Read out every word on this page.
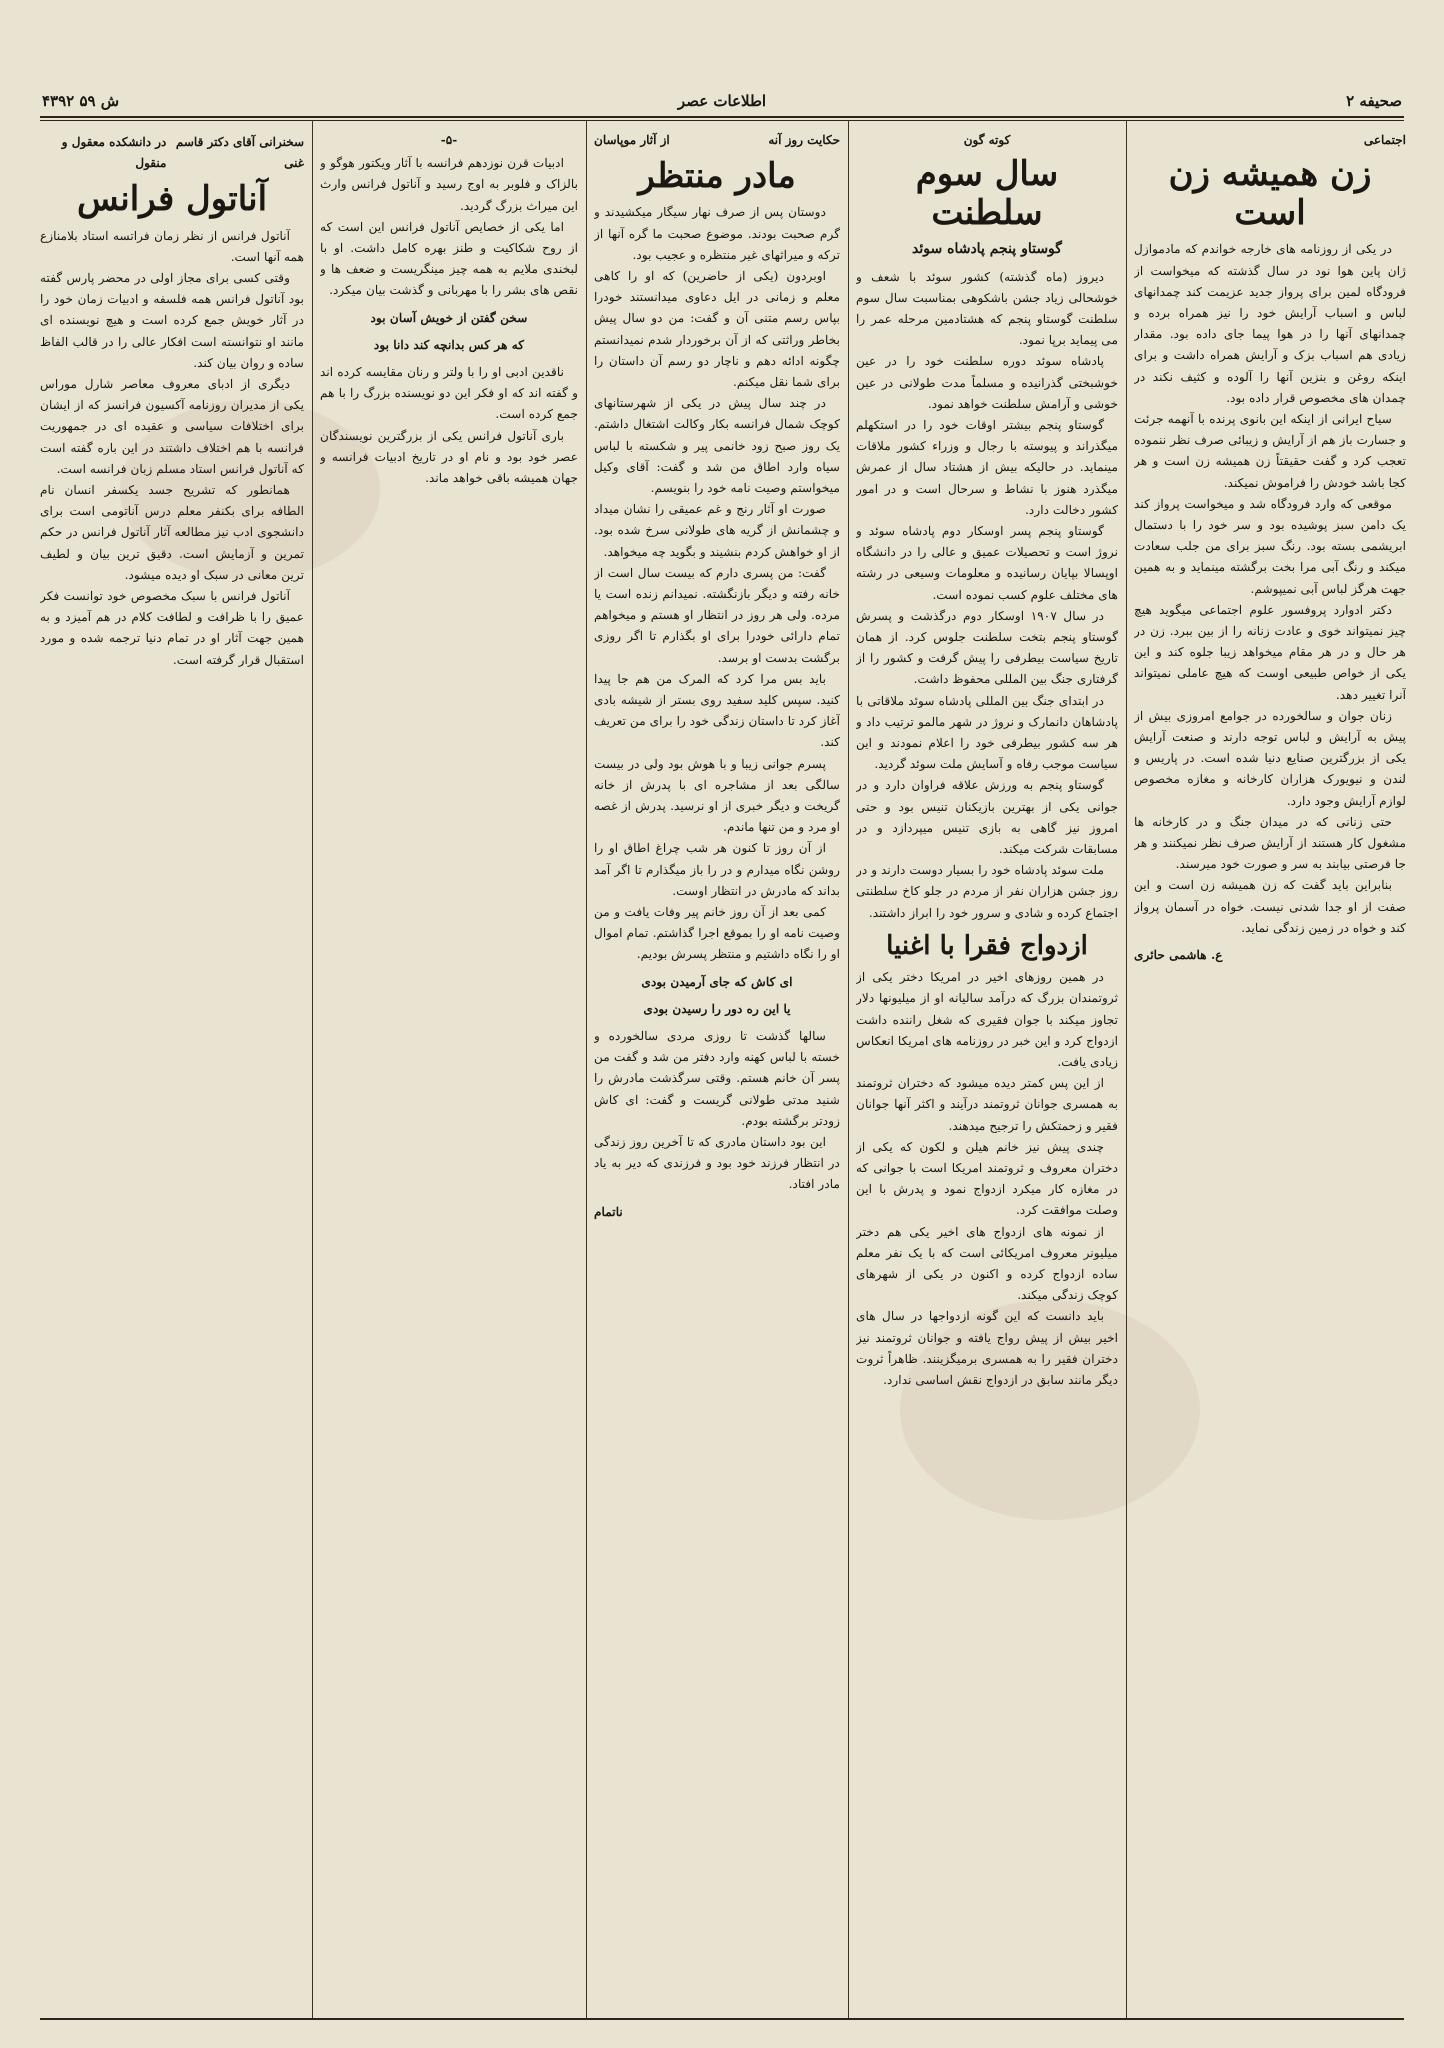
صحیفه ۲
اطلاعات عصر
۴۳۹۲ ش ۵۹
اجتماعی
زن همیشه زن است

در یکی از روزنامه های خارجه خواندم که مادموازل ژان پاین هوا نود در سال گذشته که میخواست از فرودگاه لمین برای پرواز جدید عزیمت کند چمدانهای لباس و اسباب آرایش خود را نیز همراه برده و چمدانهای آنها را در هوا پیما جای داده بود. مقدار زیادی هم اسباب بزک و آرایش همراه داشت و برای اینکه روغن و بنزین آنها را آلوده و کثیف نکند در چمدان های مخصوص قرار داده بود.

سیاح ایرانی از اینکه این بانوی پرنده با آنهمه جرئت و جسارت باز هم از آرایش و زیبائی صرف نظر ننموده تعجب کرد و گفت حقیقتاً زن همیشه زن است و هر کجا باشد خودش را فراموش نمیکند.

موقعی که وارد فرودگاه شد و میخواست پرواز کند یک دامن سبز پوشیده بود و سر خود را با دستمال ابریشمی بسته بود. رنگ سبز برای من جلب سعادت میکند و رنگ آبی مرا بخت برگشته مینماید و به همین جهت هرگز لباس آبی نمیپوشم.

دکتر ادوارد پروفسور علوم اجتماعی میگوید هیچ چیز نمیتواند خوی و عادت زنانه را از بین ببرد. زن در هر حال و در هر مقام میخواهد زیبا جلوه کند و این یکی از خواص طبیعی اوست که هیچ عاملی نمیتواند آنرا تغییر دهد.

زنان جوان و سالخورده در جوامع امروزی بیش از پیش به آرایش و لباس توجه دارند و صنعت آرایش یکی از بزرگترین صنایع دنیا شده است. در پاریس و لندن و نیویورک هزاران کارخانه و مغازه مخصوص لوازم آرایش وجود دارد.

حتی زنانی که در میدان جنگ و در کارخانه ها مشغول کار هستند از آرایش صرف نظر نمیکنند و هر جا فرصتی بیابند به سر و صورت خود میرسند.

بنابراین باید گفت که زن همیشه زن است و این صفت از او جدا شدنی نیست. خواه در آسمان پرواز کند و خواه در زمین زندگی نماید.

ع. هاشمی حائری
کوته گون
سال سوم سلطنت
گوستاو پنجم پادشاه سوئد

دیروز (ماه گذشته) کشور سوئد با شعف و خوشحالی زیاد جشن باشکوهی بمناسبت سال سوم سلطنت گوستاو پنجم که هشتادمین مرحله عمر را می پیماید برپا نمود.

پادشاه سوئد دوره سلطنت خود را در عین خوشبختی گذرانیده و مسلماً مدت طولانی در عین خوشی و آرامش سلطنت خواهد نمود.

گوستاو پنجم بیشتر اوقات خود را در استکهلم میگذراند و پیوسته با رجال و وزراء کشور ملاقات مینماید. در حالیکه بیش از هشتاد سال از عمرش میگذرد هنوز با نشاط و سرحال است و در امور کشور دخالت دارد.

گوستاو پنجم پسر اوسکار دوم پادشاه سوئد و نروژ است و تحصیلات عمیق و عالی را در دانشگاه اوپسالا بپایان رسانیده و معلومات وسیعی در رشته های مختلف علوم کسب نموده است.

در سال ۱۹۰۷ اوسکار دوم درگذشت و پسرش گوستاو پنجم بتخت سلطنت جلوس کرد. از همان تاریخ سیاست بیطرفی را پیش گرفت و کشور را از گرفتاری جنگ بین المللی محفوظ داشت.

در ابتدای جنگ بین المللی پادشاه سوئد ملاقاتی با پادشاهان دانمارک و نروژ در شهر مالمو ترتیب داد و هر سه کشور بیطرفی خود را اعلام نمودند و این سیاست موجب رفاه و آسایش ملت سوئد گردید.

گوستاو پنجم به ورزش علاقه فراوان دارد و در جوانی یکی از بهترین بازیکنان تنیس بود و حتی امروز نیز گاهی به بازی تنیس میپردازد و در مسابقات شرکت میکند.

ملت سوئد پادشاه خود را بسیار دوست دارند و در روز جشن هزاران نفر از مردم در جلو کاخ سلطنتی اجتماع کرده و شادی و سرور خود را ابراز داشتند.

ازدواج فقرا با اغنیا

در همین روزهای اخیر در امریکا دختر یکی از ثروتمندان بزرگ که درآمد سالیانه او از میلیونها دلار تجاوز میکند با جوان فقیری که شغل راننده داشت ازدواج کرد و این خبر در روزنامه های امریکا انعکاس زیادی یافت.

از این پس کمتر دیده میشود که دختران ثروتمند به همسری جوانان ثروتمند درآیند و اکثر آنها جوانان فقیر و زحمتکش را ترجیح میدهند.

چندی پیش نیز خانم هیلن و لکون که یکی از دختران معروف و ثروتمند امریکا است با جوانی که در مغازه کار میکرد ازدواج نمود و پدرش با این وصلت موافقت کرد.

از نمونه های ازدواج های اخیر یکی هم دختر میلیونر معروف امریکائی است که با یک نفر معلم ساده ازدواج کرده و اکنون در یکی از شهرهای کوچک زندگی میکند.

باید دانست که این گونه ازدواجها در سال های اخیر بیش از پیش رواج یافته و جوانان ثروتمند نیز دختران فقیر را به همسری برمیگزینند. ظاهراً ثروت دیگر مانند سابق در ازدواج نقش اساسی ندارد.

حکایت روز آنه
از آثار موپاسان
مادر منتظر

دوستان پس از صرف نهار سیگار میکشیدند و گرم صحبت بودند. موضوع صحبت ما گره آنها از ترکه و میراثهای غیر منتظره و عجیب بود.

اوبردون (یکی از حاضرین) که او را کاهی معلم و زمانی در ایل دعاوی میدانستند خودرا بپاس رسم متنی آن و گفت: من دو سال پیش بخاطر وراثتی که از آن برخوردار شدم نمیدانستم چگونه ادائه دهم و ناچار دو رسم آن داستان را برای شما نقل میکنم.

در چند سال پیش در یکی از شهرستانهای کوچک شمال فرانسه بکار وکالت اشتغال داشتم. یک روز صبح زود خانمی پیر و شکسته با لباس سیاه وارد اطاق من شد و گفت: آقای وکیل میخواستم وصیت نامه خود را بنویسم.

صورت او آثار رنج و غم عمیقی را نشان میداد و چشمانش از گریه های طولانی سرخ شده بود. از او خواهش کردم بنشیند و بگوید چه میخواهد.

گفت: من پسری دارم که بیست سال است از خانه رفته و دیگر بازنگشته. نمیدانم زنده است یا مرده. ولی هر روز در انتظار او هستم و میخواهم تمام دارائی خودرا برای او بگذارم تا اگر روزی برگشت بدست او برسد.

باید بس مرا کرد که المرک من هم جا پیدا کنید. سپس کلید سفید روی بستر از شیشه بادی آغاز کرد تا داستان زندگی خود را برای من تعریف کند.

پسرم جوانی زیبا و با هوش بود ولی در بیست سالگی بعد از مشاجره ای با پدرش از خانه گریخت و دیگر خبری از او نرسید. پدرش از غصه او مرد و من تنها ماندم.

از آن روز تا کنون هر شب چراغ اطاق او را روشن نگاه میدارم و در را باز میگذارم تا اگر آمد بداند که مادرش در انتظار اوست.

کمی بعد از آن روز خانم پیر وفات یافت و من وصیت نامه او را بموقع اجرا گذاشتم. تمام اموال او را نگاه داشتیم و منتظر پسرش بودیم.

ای کاش که جای آرمیدن بودی
یا این ره دور را رسیدن بودی

سالها گذشت تا روزی مردی سالخورده و خسته با لباس کهنه وارد دفتر من شد و گفت من پسر آن خانم هستم. وقتی سرگذشت مادرش را شنید مدتی طولانی گریست و گفت: ای کاش زودتر برگشته بودم.

این بود داستان مادری که تا آخرین روز زندگی در انتظار فرزند خود بود و فرزندی که دیر به یاد مادر افتاد.

ناتمام
سخنرانی آقای دکتر قاسم غنی
در دانشکده معقول و منقول
آناتول فرانس

آناتول فرانس از نظر زمان فراتسه استاد بلامنازع همه آنها است.

وقتی کسی برای مجاز اولی در محضر پارس گفته بود آناتول فرانس همه فلسفه و ادبیات زمان خود را در آثار خویش جمع کرده است و هیچ نویسنده ای مانند او نتوانسته است افکار عالی را در قالب الفاظ ساده و روان بیان کند.

دیگری از ادبای معروف معاصر شارل موراس یکی از مدیران روزنامه آکسیون فرانسز که از ایشان برای اختلافات سیاسی و عقیده ای در جمهوریت فرانسه با هم اختلاف داشتند در این باره گفته است که آناتول فرانس استاد مسلم زبان فرانسه است.

همانطور که تشریح جسد یکسفر انسان نام الطافه برای بکنفر معلم درس آناتومی است برای دانشجوی ادب نیز مطالعه آثار آناتول فرانس در حکم تمرین و آزمایش است. دقیق ترین بیان و لطیف ترین معانی در سبک او دیده میشود.

آناتول فرانس با سبک مخصوص خود توانست فکر عمیق را با ظرافت و لطافت کلام در هم آمیزد و به همین جهت آثار او در تمام دنیا ترجمه شده و مورد استقبال قرار گرفته است.

-۵-

ادبیات قرن نوزدهم فرانسه با آثار ویکتور هوگو و بالزاک و فلوبر به اوج رسید و آناتول فرانس وارث این میراث بزرگ گردید.

اما یکی از خصایص آناتول فرانس این است که از روح شکاکیت و طنز بهره کامل داشت. او با لبخندی ملایم به همه چیز مینگریست و ضعف ها و نقص های بشر را با مهربانی و گذشت بیان میکرد.

سخن گفتن از خویش آسان بود
که هر کس بدانچه کند دانا بود

ناقدین ادبی او را با ولتر و رنان مقایسه کرده اند و گفته اند که او فکر این دو نویسنده بزرگ را با هم جمع کرده است.

باری آناتول فرانس یکی از بزرگترین نویسندگان عصر خود بود و نام او در تاریخ ادبیات فرانسه و جهان همیشه باقی خواهد ماند.
